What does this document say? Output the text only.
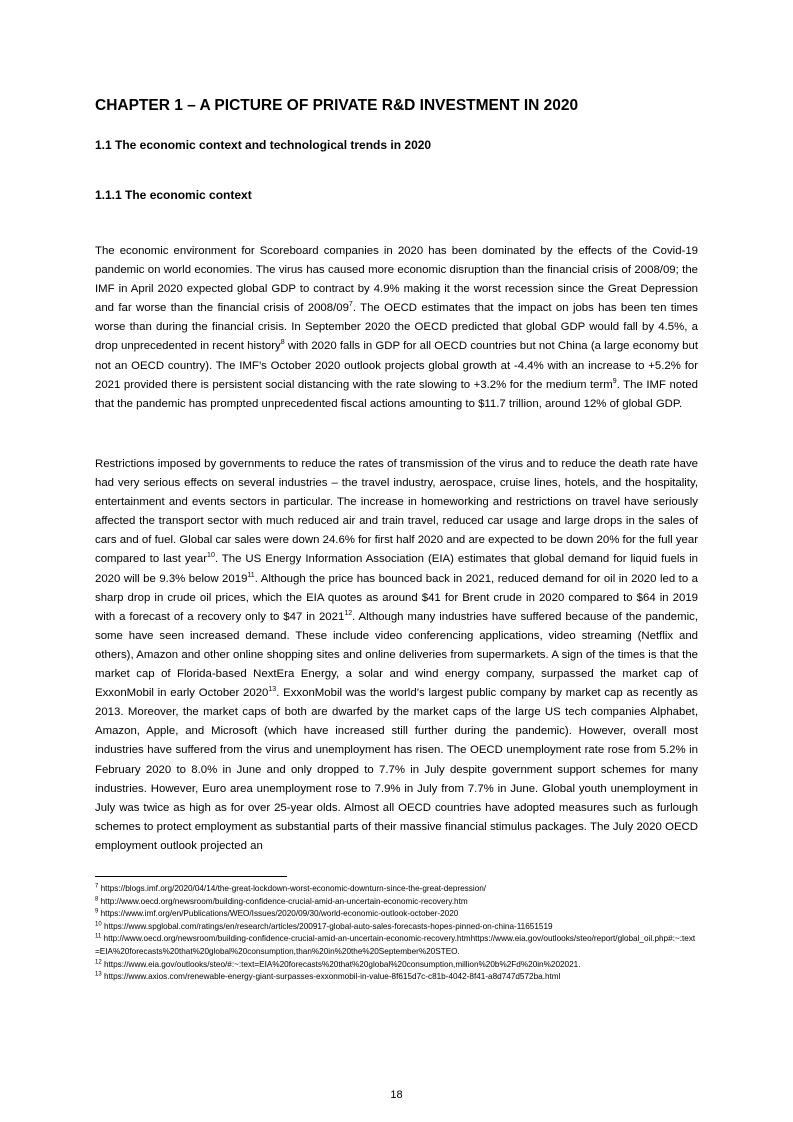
CHAPTER 1 – A PICTURE OF PRIVATE R&D INVESTMENT IN 2020
1.1 The economic context and technological trends in 2020
1.1.1 The economic context

The economic environment for Scoreboard companies in 2020 has been dominated by the effects of the Covid-19 pandemic on world economies. The virus has caused more economic disruption than the financial crisis of 2008/09; the IMF in April 2020 expected global GDP to contract by 4.9% making it the worst recession since the Great Depression and far worse than the financial crisis of $2008/09^7$. The OECD estimates that the impact on jobs has been ten times worse than during the financial crisis. In September 2020 the OECD predicted that global GDP would fall by 4.5%, a drop unprecedented in recent history$^8$ with 2020 falls in GDP for all OECD countries but not China (a large economy but not an OECD country). The IMF’s October 2020 outlook projects global growth at -4.4% with an increase to +5.2% for 2021 provided there is persistent social distancing with the rate slowing to +3.2% for the medium term$^9$. The IMF noted that the pandemic has prompted unprecedented fiscal actions amounting to $11.7 trillion, around 12% of global GDP.

Restrictions imposed by governments to reduce the rates of transmission of the virus and to reduce the death rate have had very serious effects on several industries – the travel industry, aerospace, cruise lines, hotels, and the hospitality, entertainment and events sectors in particular. The increase in homeworking and restrictions on travel have seriously affected the transport sector with much reduced air and train travel, reduced car usage and large drops in the sales of cars and of fuel. Global car sales were down 24.6% for first half 2020 and are expected to be down 20% for the full year compared to last year$^{10}$. The US Energy Information Association (EIA) estimates that global demand for liquid fuels in 2020 will be 9.3% below 2019$^{11}$. Although the price has bounced back in 2021, reduced demand for oil in 2020 led to a sharp drop in crude oil prices, which the EIA quotes as around $41 for Brent crude in 2020 compared to $64 in 2019 with a forecast of a recovery only to $47 in 2021$^{12}$. Although many industries have suffered because of the pandemic, some have seen increased demand. These include video conferencing applications, video streaming (Netflix and others), Amazon and other online shopping sites and online deliveries from supermarkets. A sign of the times is that the market cap of Florida-based NextEra Energy, a solar and wind energy company, surpassed the market cap of ExxonMobil in early October 2020$^{13}$. ExxonMobil was the world’s largest public company by market cap as recently as 2013. Moreover, the market caps of both are dwarfed by the market caps of the large US tech companies Alphabet, Amazon, Apple, and Microsoft (which have increased still further during the pandemic). However, overall most industries have suffered from the virus and unemployment has risen. The OECD unemployment rate rose from 5.2% in February 2020 to 8.0% in June and only dropped to 7.7% in July despite government support schemes for many industries. However, Euro area unemployment rose to 7.9% in July from 7.7% in June. Global youth unemployment in July was twice as high as for over 25-year olds. Almost all OECD countries have adopted measures such as furlough schemes to protect employment as substantial parts of their massive financial stimulus packages. The July 2020 OECD employment outlook projected an

$^7$ https://blogs.imf.org/2020/04/14/the-great-lockdown-worst-economic-downturn-since-the-great-depression/
$^8$ http://www.oecd.org/newsroom/building-confidence-crucial-amid-an-uncertain-economic-recovery.htm
$^9$ https://www.imf.org/en/Publications/WEO/Issues/2020/09/30/world-economic-outlook-october-2020
$^{10}$ https://www.spglobal.com/ratings/en/research/articles/200917-global-auto-sales-forecasts-hopes-pinned-on-china-11651519
$^{11}$ http://www.oecd.org/newsroom/building-confidence-crucial-amid-an-uncertain-economic-recovery.htmhttps://www.eia.gov/outlooks/steo/report/global_oil.php#:~:text=EIA%20forecasts%20that%20global%20consumption,than%20in%20the%20September%20STEO.
$^{12}$ https://www.eia.gov/outlooks/steo/#:~:text=EIA%20forecasts%20that%20global%20consumption,million%20b%2Fd%20in%202021.
$^{13}$ https://www.axios.com/renewable-energy-giant-surpasses-exxonmobil-in-value-8f615d7c-c81b-4042-8f41-a8d747d572ba.html
18
